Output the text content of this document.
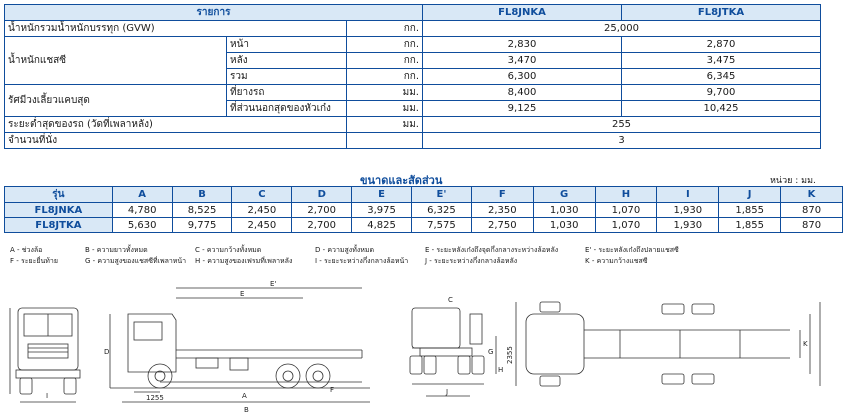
รายการ			FL8JNKA	FL8JTKA
น้ำหนักรวมน้ำหนักบรรทุก (GVW)		กก.	25,000	
น้ำหนักแชสซี	หน้า	กก.	2,830	2,870
	หลัง	กก.	3,470	3,475
	รวม	กก.	6,300	6,345
รัศมีวงเลี้ยวแคบสุด	ที่ยางรถ	มม.	8,400	9,700
	ที่ส่วนนอกสุดของหัวเก๋ง	มม.	9,125	10,425
ระยะต่ำสุดของรถ (วัดที่เพลาหลัง)		มม.	255	
จำนวนที่นั่ง			3	
ขนาดและสัดส่วน	หน่วย : มม.
รุ่น	A	B	C	D	E	E'	F	G	H	I	J	K
FL8JNKA	4,780	8,525	2,450	2,700	3,975	6,325	2,350	1,030	1,070	1,930	1,855	870
FL8JTKA	5,630	9,775	2,450	2,700	4,825	7,575	2,750	1,030	1,070	1,930	1,855	870
A - ช่วงล้อ	B - ความยาวทั้งหมด	C - ความกว้างทั้งหมด	D - ความสูงทั้งหมด	E - ระยะหลังเก๋งถึงจุดกึ่งกลางระหว่างล้อหลัง	E' - ระยะหลังเก๋งถึงปลายแชสซี
F - ระยะยื่นท้าย	G - ความสูงของแชสซีที่เพลาหน้า H - ความสูงของเฟรมที่เพลาหลัง	I - ระยะระหว่างกึ่งกลางล้อหน้า J - ระยะระหว่างกึ่งกลางล้อหลัง	K - ความกว้างแชสซี
A
B
C
D
E
E'
F
G
H
I	J
K
1255
2355
